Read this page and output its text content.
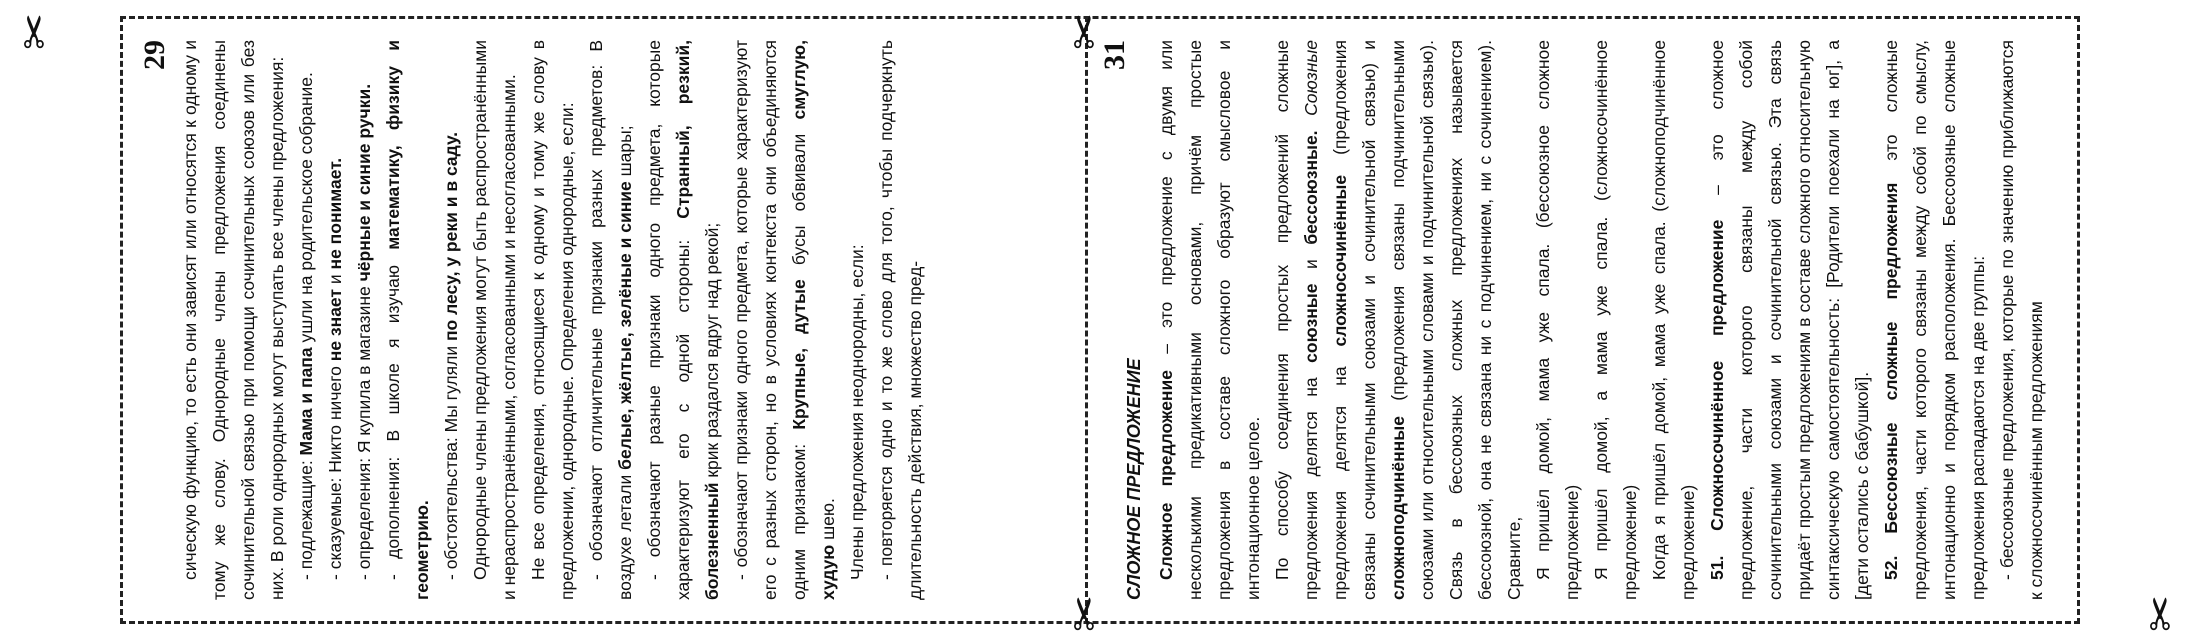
✂
✂
✂
✂
29 сическую функцию, то есть они зависят или относятся к одному и тому же слову. Однородные члены предложения соединены сочинительной связью при помощи сочинительных союзов или без них. В роли однородных могут выступать все члены предложения: - подлежащие: Мама и папа ушли на родительское собрание.

- сказуемые: Никто ничего не знает и не понимает.

- определения: Я купила в магазине чёрные и синие ручки.

- дополнения: В школе я изучаю математику, физику и геометрию. - обстоятельства: Мы гуляли по лесу, у реки и в саду. Однородные члены предложения могут быть распространёнными и нераспространёнными, согласованными и несогласованными. Не все определения, относящиеся к одному и тому же слову в предложении, однородные. Определения однородные, если: - обозначают отличительные признаки разных предметов: В воздухе летали белые, жёлтые, зелёные и синие шары; - обозначают разные признаки одного предмета, которые характеризуют его с одной стороны: Странный, резкий, болезненный крик раздался вдруг над рекой; - обозначают признаки одного предмета, которые характеризуют его с разных сторон, но в условиях контекста они объединяются одним признаком: Крупные, дутые бусы обвивали смуглую, худую шею. Члены предложения неоднородны, если: - повторяется одно и то же слово для того, чтобы подчеркнуть длительность действия, множество пред-

31
СЛОЖНОЕ ПРЕДЛОЖЕНИЕ Сложное предложение – это предложение с двумя или несколькими предикативными основами, причём простые предложения в составе сложного образуют смысловое и интонационное целое. По способу соединения простых предложений сложные предложения делятся на союзные и бессоюзные. Союзные предложения делятся на сложносочинённые (предложения связаны сочинительными союзами и сочинительной связью) и сложноподчинённые (предложения связаны подчинительными союзами или относительными словами и подчинительной связью). Связь в бессоюзных сложных предложениях называется бессоюзной, она не связана ни с подчинением, ни с сочинением). Сравните, Я пришёл домой, мама уже спала. (бессоюзное сложное предложение) Я пришёл домой, а мама уже спала. (сложносочинённое предложение) Когда я пришёл домой, мама уже спала. (сложноподчинённое предложение) 51. Сложносочинённое предложение – это сложное предложение, части которого связаны между собой сочинительными союзами и сочинительной связью. Эта связь придаёт простым предложениям в составе сложного относительную синтаксическую самостоятельность: [Родители поехали на юг], а [дети остались с бабушкой]. 52. Бессоюзные сложные предложения это сложные предложения, части которого связаны между собой по смыслу, интонационно и порядком расположения. Бессоюзные сложные предложения распадаются на две группы: - бессоюзные предложения, которые по значению приближаются к сложносочинённым предложениям
